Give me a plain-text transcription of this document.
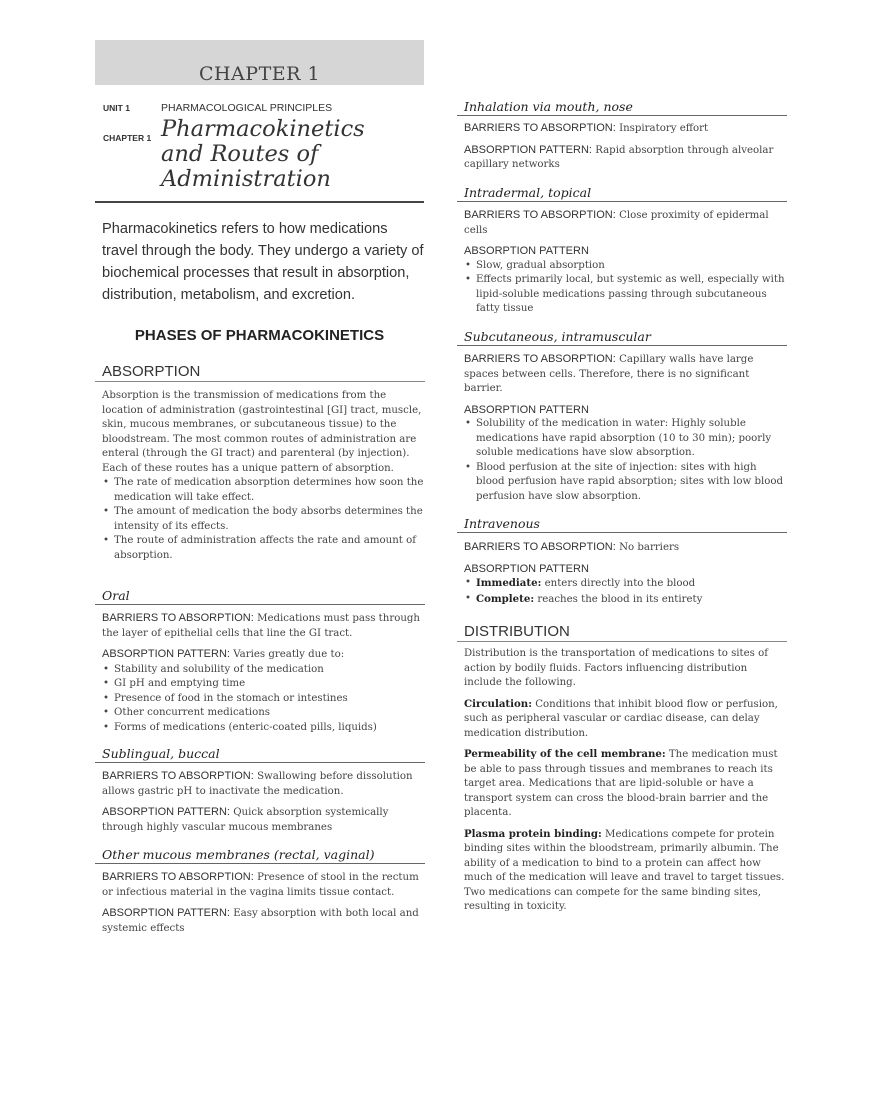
CHAPTER 1
UNIT 1	PHARMACOLOGICAL PRINCIPLES
CHAPTER 1 Pharmacokinetics
and Routes of
Administration
Pharmacokinetics refers to how medications travel through the body. They undergo a variety of biochemical processes that result in absorption, distribution, metabolism, and excretion.
PHASES OF PHARMACOKINETICS
ABSORPTION

Absorption is the transmission of medications from the location of administration (gastrointestinal [GI] tract, muscle, skin, mucous membranes, or subcutaneous tissue) to the bloodstream. The most common routes of administration are enteral (through the GI tract) and parenteral (by injection). Each of these routes has a unique pattern of absorption.

• The rate of medication absorption determines how soon the medication will take effect.
• The amount of medication the body absorbs determines the intensity of its effects.
• The route of administration affects the rate and amount of absorption.
Oral

BARRIERS TO ABSORPTION: Medications must pass through the layer of epithelial cells that line the GI tract.

ABSORPTION PATTERN: Varies greatly due to:

• Stability and solubility of the medication
• GI pH and emptying time
• Presence of food in the stomach or intestines
• Other concurrent medications
• Forms of medications (enteric-coated pills, liquids)
Sublingual, buccal

BARRIERS TO ABSORPTION: Swallowing before dissolution allows gastric pH to inactivate the medication.

ABSORPTION PATTERN: Quick absorption systemically through highly vascular mucous membranes

Other mucous membranes (rectal, vaginal)

BARRIERS TO ABSORPTION: Presence of stool in the rectum or infectious material in the vagina limits tissue contact.

ABSORPTION PATTERN: Easy absorption with both local and systemic effects

Inhalation via mouth, nose

BARRIERS TO ABSORPTION: Inspiratory effort

ABSORPTION PATTERN: Rapid absorption through alveolar capillary networks

Intradermal, topical

BARRIERS TO ABSORPTION: Close proximity of epidermal cells

ABSORPTION PATTERN
• Slow, gradual absorption
• Effects primarily local, but systemic as well, especially with lipid-soluble medications passing through subcutaneous fatty tissue
Subcutaneous, intramuscular

BARRIERS TO ABSORPTION: Capillary walls have large spaces between cells. Therefore, there is no significant barrier.

ABSORPTION PATTERN
• Solubility of the medication in water: Highly soluble medications have rapid absorption (10 to 30 min); poorly soluble medications have slow absorption.
• Blood perfusion at the site of injection: sites with high blood perfusion have rapid absorption; sites with low blood perfusion have slow absorption.
Intravenous

BARRIERS TO ABSORPTION: No barriers

ABSORPTION PATTERN
• Immediate: enters directly into the blood
• Complete: reaches the blood in its entirety
DISTRIBUTION

Distribution is the transportation of medications to sites of action by bodily fluids. Factors influencing distribution include the following.

Circulation: Conditions that inhibit blood flow or perfusion, such as peripheral vascular or cardiac disease, can delay medication distribution.

Permeability of the cell membrane: The medication must be able to pass through tissues and membranes to reach its target area. Medications that are lipid-soluble or have a transport system can cross the blood-brain barrier and the placenta.

Plasma protein binding: Medications compete for protein binding sites within the bloodstream, primarily albumin. The ability of a medication to bind to a protein can affect how much of the medication will leave and travel to target tissues. Two medications can compete for the same binding sites, resulting in toxicity.
